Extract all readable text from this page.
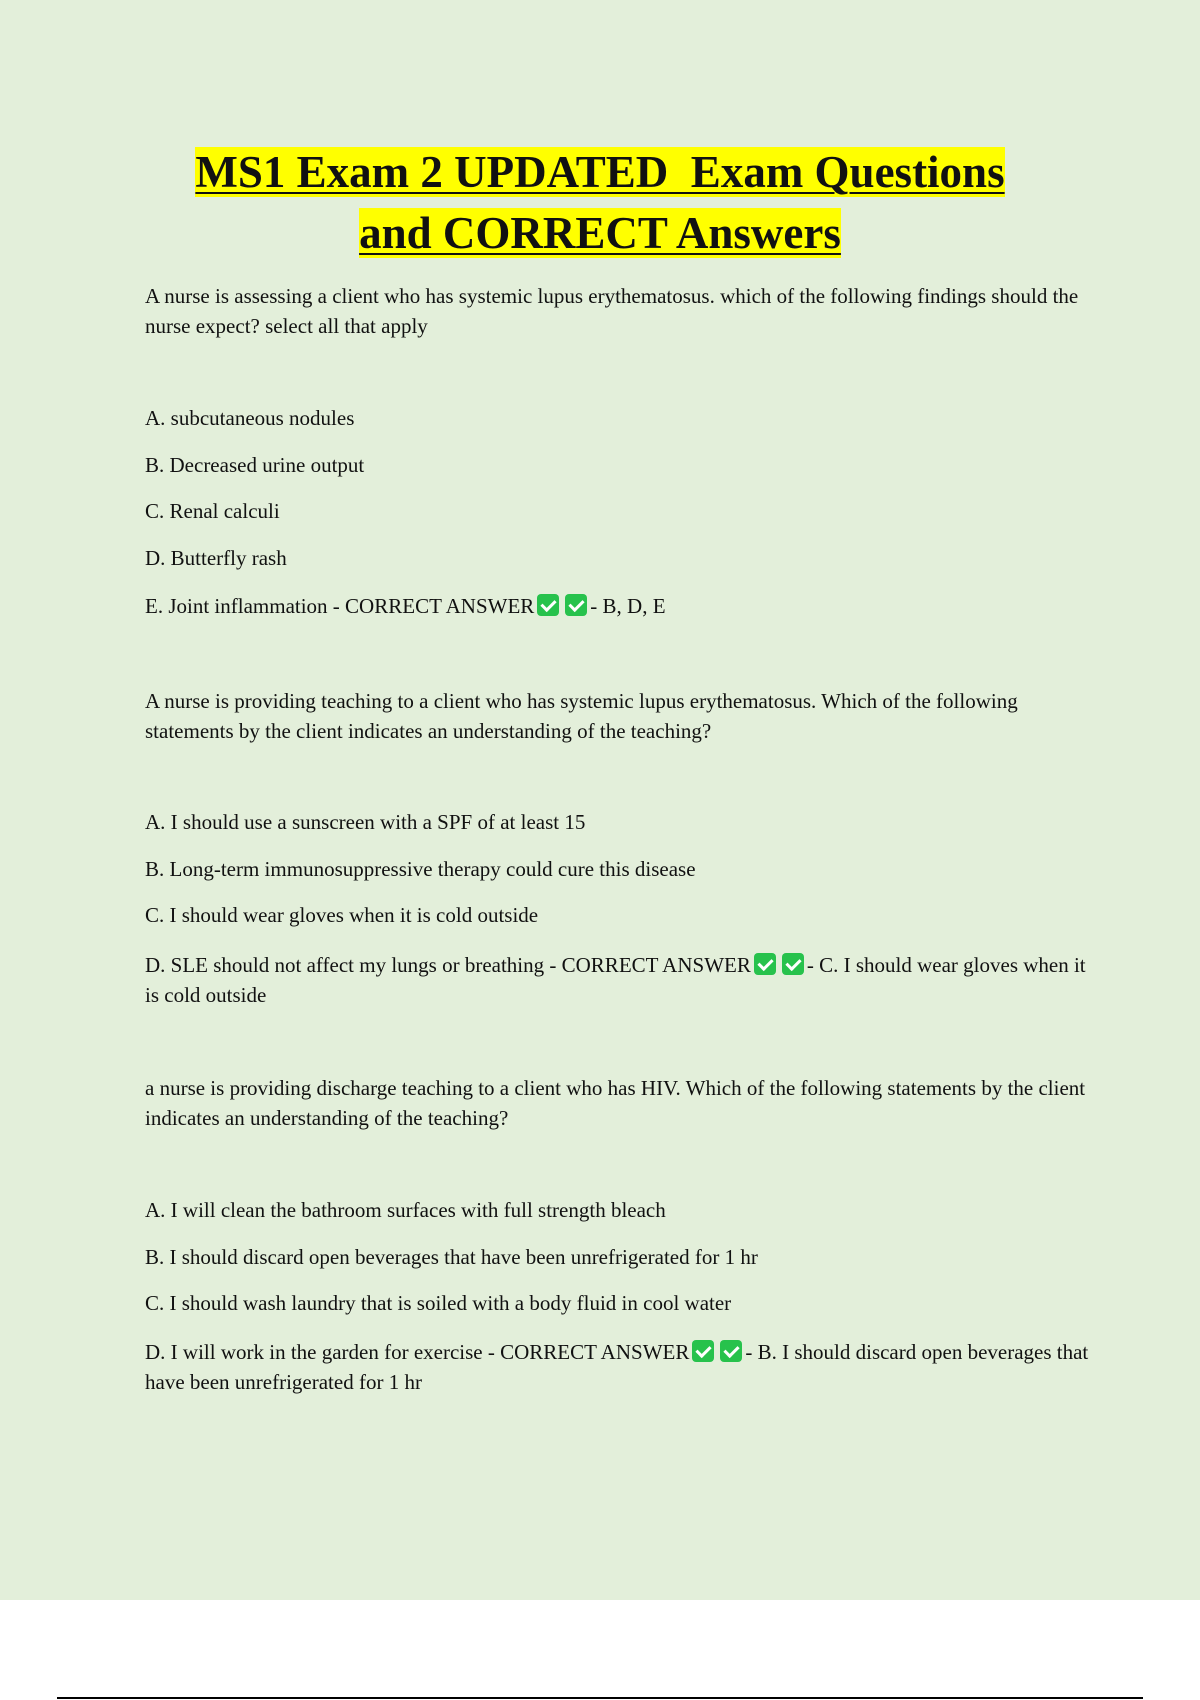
MS1 Exam 2 UPDATED  Exam Questions
and CORRECT Answers

A nurse is assessing a client who has systemic lupus erythematosus. which of the following findings should the nurse expect? select all that apply

A. subcutaneous nodules

B. Decreased urine output

C. Renal calculi

D. Butterfly rash

E. Joint inflammation - CORRECT ANSWER	- B, D, E

A nurse is providing teaching to a client who has systemic lupus erythematosus. Which of the following statements by the client indicates an understanding of the teaching?

A. I should use a sunscreen with a SPF of at least 15

B. Long-term immunosuppressive therapy could cure this disease

C. I should wear gloves when it is cold outside

D. SLE should not affect my lungs or breathing - CORRECT ANSWER	- C. I should wear gloves when it is cold outside

a nurse is providing discharge teaching to a client who has HIV. Which of the following statements by the client indicates an understanding of the teaching?

A. I will clean the bathroom surfaces with full strength bleach

B. I should discard open beverages that have been unrefrigerated for 1 hr

C. I should wash laundry that is soiled with a body fluid in cool water

D. I will work in the garden for exercise - CORRECT ANSWER	- B. I should discard open beverages that have been unrefrigerated for 1 hr
